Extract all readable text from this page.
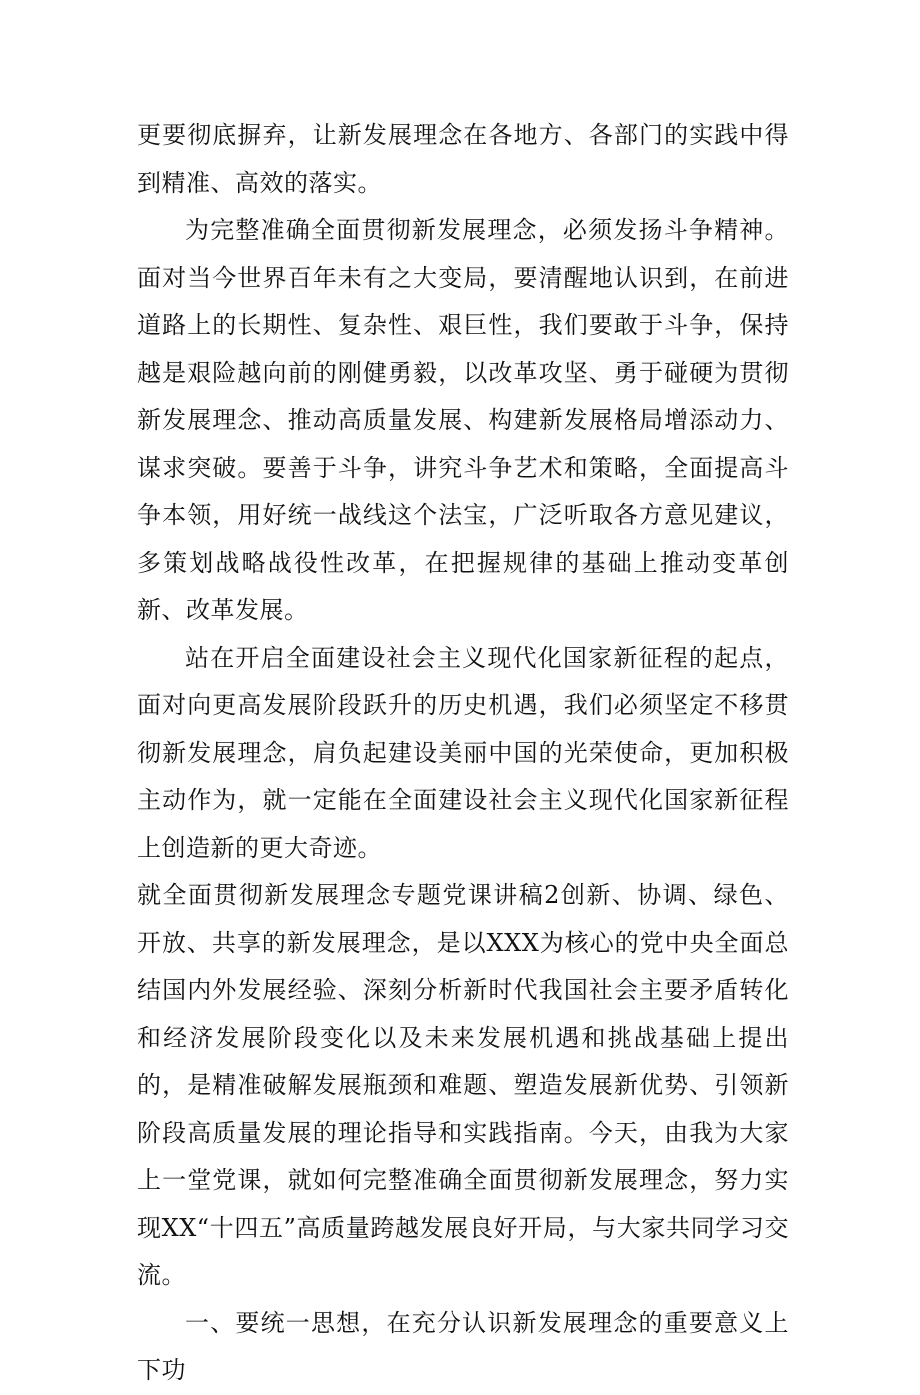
更要彻底摒弃，让新发展理念在各地方、各部门的实践中得到精准、高效的落实。

为完整准确全面贯彻新发展理念，必须发扬斗争精神。面对当今世界百年未有之大变局，要清醒地认识到，在前进道路上的长期性、复杂性、艰巨性，我们要敢于斗争，保持越是艰险越向前的刚健勇毅，以改革攻坚、勇于碰硬为贯彻新发展理念、推动高质量发展、构建新发展格局增添动力、谋求突破。要善于斗争，讲究斗争艺术和策略，全面提高斗争本领，用好统一战线这个法宝，广泛听取各方意见建议，多策划战略战役性改革，在把握规律的基础上推动变革创新、改革发展。

站在开启全面建设社会主义现代化国家新征程的起点，面对向更高发展阶段跃升的历史机遇，我们必须坚定不移贯彻新发展理念，肩负起建设美丽中国的光荣使命，更加积极主动作为，就一定能在全面建设社会主义现代化国家新征程上创造新的更大奇迹。

就全面贯彻新发展理念专题党课讲稿2创新、协调、绿色、开放、共享的新发展理念，是以XXX为核心的党中央全面总结国内外发展经验、深刻分析新时代我国社会主要矛盾转化和经济发展阶段变化以及未来发展机遇和挑战基础上提出的，是精准破解发展瓶颈和难题、塑造发展新优势、引领新阶段高质量发展的理论指导和实践指南。今天，由我为大家上一堂党课，就如何完整准确全面贯彻新发展理念，努力实现XX“十四五”高质量跨越发展良好开局，与大家共同学习交流。

一、要统一思想，在充分认识新发展理念的重要意义上下功
